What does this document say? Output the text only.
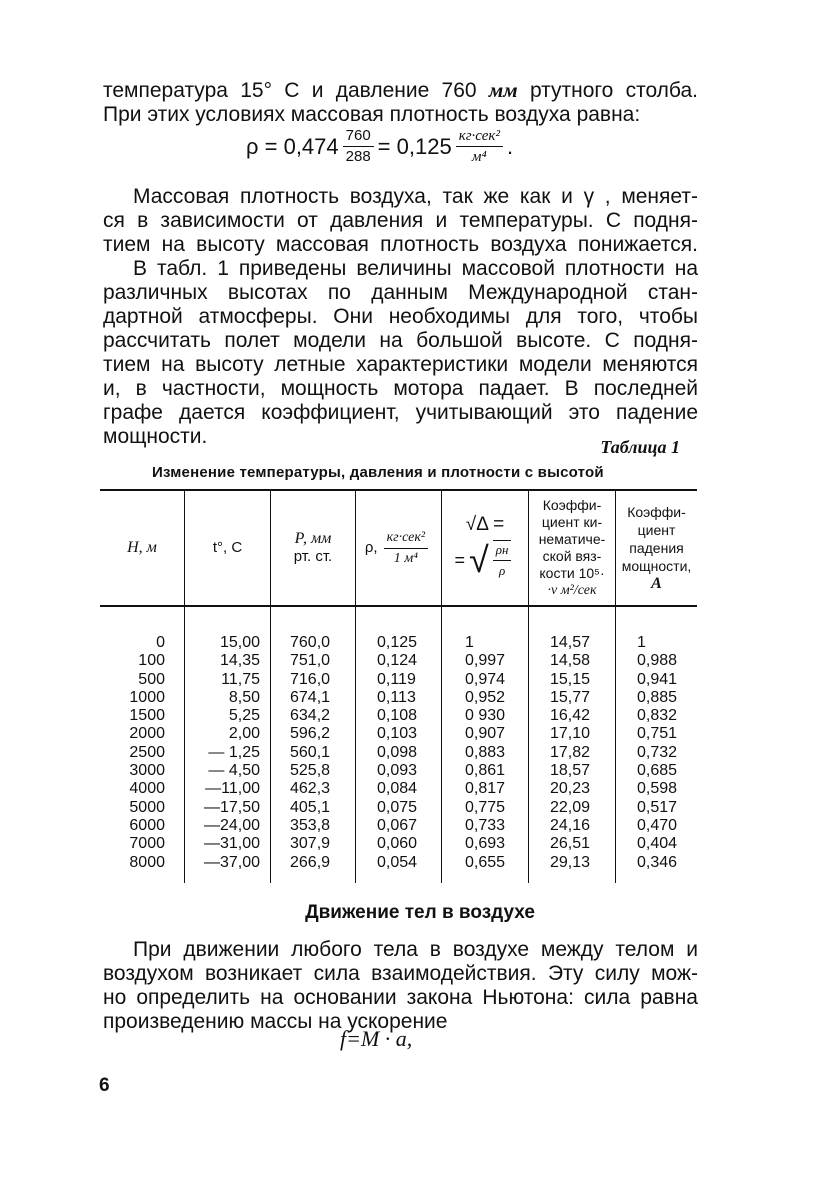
температура 15° С и давление 760 мм ртутного столба.
При этих условиях массовая плотность воздуха равна:
$\rho = 0,474 \frac{760}{288} = 0,125 \frac{\text{кг·сек²}}{\text{м⁴}}$ .
Массовая плотность воздуха, так же как и γ , меняет-
ся в зависимости от давления и температуры. С подня-
тием на высоту массовая плотность воздуха понижается.
В табл. 1 приведены величины массовой плотности на
различных высотах по данным Международной стан-
дартной атмосферы. Они необходимы для того, чтобы
рассчитать полет модели на большой высоте. С подня-
тием на высоту летные характеристики модели меняются
и, в частности, мощность мотора падает. В последней
графе дается коэффициент, учитывающий это падение
мощности.	Таблица 1
Изменение температуры, давления и плотности с высотой
Н, м	t°, С
Р, мм
рт. ст.
ρ, $\frac{\text{кг·сек²}}{\text{1 м⁴}}$
√Δ =
= √ $\frac{\rho н}{\rho}$
Коэффи-
циент ки-
нематиче-
ской вяз-
кости 10⁵·
·ν м²/сек
Коэффи-
циент
падения
мощности,
А
0
100
500
1000
1500
2000
2500
3000
4000
5000
6000
7000
8000
15,00
14,35
11,75
8,50
5,25
2,00
— 1,25
— 4,50
—11,00
—17,50
—24,00
—31,00
—37,00
760,0
751,0
716,0
674,1
634,2
596,2
560,1
525,8
462,3
405,1
353,8
307,9
266,9
0,125
0,124
0,119
0,113
0,108
0,103
0,098
0,093
0,084
0,075
0,067
0,060
0,054
1
0,997
0,974
0,952
0 930
0,907
0,883
0,861
0,817
0,775
0,733
0,693
0,655
14,57
14,58
15,15
15,77
16,42
17,10
17,82
18,57
20,23
22,09
24,16
26,51
29,13
1
0,988
0,941
0,885
0,832
0,751
0,732
0,685
0,598
0,517
0,470
0,404
0,346
Движение тел в воздухе
При движении любого тела в воздухе между телом и
воздухом возникает сила взаимодействия. Эту силу мож-
но определить на основании закона Ньютона: сила равна
произведению массы на ускорение
f=M · a,
6
